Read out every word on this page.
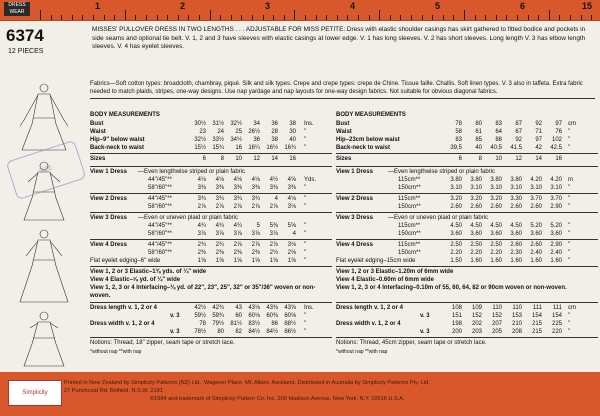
DRESS WEAR
1	2	3	4	5	6	15
6374
12 PIECES
MISSES' PULLOVER DRESS IN TWO LENGTHS . . . ADJUSTABLE FOR MISS PETITE: Dress with elastic shoulder casings has skirt gathered to fitted bodice and pockets in side seams and optional tie belt. V. 1, 2 and 3 have sleeves with elastic casings at lower edge. V. 1 has long sleeves. V. 2 has short sleeves. Long length V. 3 has elbow length sleeves. V. 4 has eyelet sleeves.
SIZE
Fabrics—Soft cotton types: broadcloth, chambray, piqué. Silk and silk types. Crepe and crepe types: crepe de Chine. Tissue faille. Challis. Soft linen types. V. 3 also in taffeta. Extra fabric needed to match plaids, stripes, one-way designs. Use nap yardage and nap layouts for one-way design fabrics. Not suitable for obvious diagonal fabrics.
BODY MEASUREMENTS
Bust	30½	31½	32½	34	36	38 Ins.
Waist	23	24	25	26½	28	30 "
Hip–9" below waist	32½	33½	34½	36	38	40 "
Back-neck to waist	15½	15¾	16	16¼	16½	16¾ "
Sizes	6	8	10	12	14	16
View 1 Dress —Even lengthwise striped or plain fabric
44"/45"**	4⅛	4⅛	4⅛	4⅛	4½	4⅝ Yds.
58"/60"**	3⅜	3⅜	3⅜	3⅜	3⅜	3⅜ "
View 2 Dress	44"/45"**	3¾	3¾	3¾	3¾	4	4⅛ "
58"/60"**	2⅞	2⅞	2⅞	2⅞	2⅞	3⅛ "
View 3 Dress —Even or uneven plaid or plain fabric
44"/45"**	4¾	4¾	4¾	5	5⅜	5⅝ "
58"/60"**	3⅞	3⅞	3⅞	3⅞	3⅞	4 "
View 4 Dress	44"/45"**	2¾	2¾	2⅞	2⅞	2⅞	3⅛ "
58"/60"**	2⅜	2⅜	2⅜	2⅜	2½	2⅝ "
Flat eyelet edging–6" wide	1⅝	1⅝	1⅝	1⅝	1⅝	1⅝ "
View 1, 2 or 3 Elastic–1⅜ yds. of ¼" wide
View 4 Elastic–⅝ yd. of ¼" wide
View 1, 2, 3 or 4 Interfacing–⅛ yd. of 22", 23", 25", 32" or 35"/36" woven or non-woven.
Dress length v. 1, 2 or 4	42½	42¾	43	43⅛	43⅜	43⅝ Ins.
v. 3	59½	59¾	60	60⅛	60⅜	60⅝ "
Dress width v. 1, 2 or 4	78	79½	81½	83½	86	88½ "
v. 3	78½	80	82	84½	84½	86½ "
Notions: Thread, 18" zipper, seam tape or stretch lace.
*without nap **with nap
BODY MEASUREMENTS
Bust	78	80	83	87	92	97 cm
Waist	58	61	64	67	71	76 "
Hip–23cm below waist	83	85	88	92	97	102 "
Back-neck to waist	39.5	40	40.5	41.5	42	42.5 "
Sizes	6	8	10	12	14	16
View 1 Dress	—Even lengthwise striped or plain fabric
115cm**	3.80	3.80	3.80	3.80	4.20	4.20 m
150cm**	3.10	3.10	3.10	3.10	3.10	3.10 "
View 2 Dress	115cm**	3.20	3.20	3.20	3.30	3.70	3.70 "
150cm**	2.60	2.60	2.60	2.60	2.60	2.90 "
View 3 Dress	—Even or uneven plaid or plain fabric
115cm**	4.50	4.50	4.50	4.50	5.20	5.20 "
150cm**	3.60	3.60	3.60	3.60	3.60	3.60 "
View 4 Dress	115cm**	2.50	2.50	2.50	2.60	2.60	2.90 "
150cm**	2.20	2.20	2.20	2.30	2.40	2.40 "
Flat eyelet edging–15cm wide	1.50	1.60	1.60	1.60	1.60	1.60 "
View 1, 2 or 3 Elastic–1.20m of 6mm wide
View 4 Elastic–0.60m of 6mm wide
View 1, 2, 3 or 4 Interfacing–0.10m of 55, 60, 64, 82 or 90cm woven or non-woven.
Dress length v. 1, 2 or 4	108	109	110	110	111	111 cm
v. 3	151	152	152	153	154	154 "
Dress width v. 1, 2 or 4	198	202	207	210	215	225 "
v. 3	200	203	205	208	215	220 "
Notions: Thread, 45cm zipper, seam tape or stretch lace.
*without nap **with nap
Printed in New Zealand by Simplicity Patterns (NZ) Ltd., Wagener Place, Mt. Albert, Auckland. Distributed in Australia by Simplicity Patterns Pty. Ltd.
27 Punchcoat Rd. Belfield, N.S.W. 2191
©1984 and trademark of Simplicity Pattern Co. Inc. 200 Madison Avenue, New York, N.Y. 10016 U.S.A.
Simplicity
